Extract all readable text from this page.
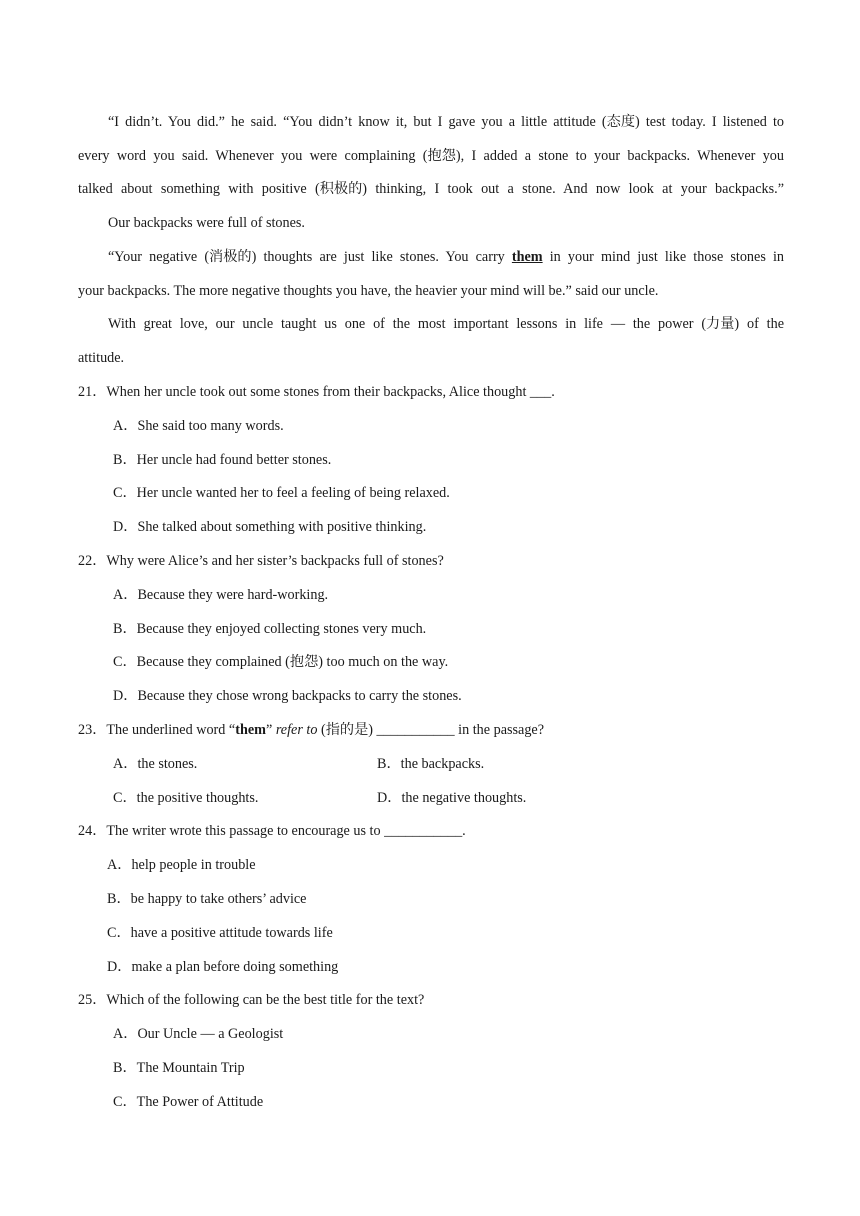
“I didn’t. You did.” he said. “You didn’t know it, but I gave you a little attitude (态度) test today. I listened to
every word you said. Whenever you were complaining (抱怨), I added a stone to your backpacks. Whenever you
talked about something with positive (积极的) thinking, I took out a stone. And now look at your backpacks.”
Our backpacks were full of stones.
“Your negative (消极的) thoughts are just like stones. You carry them in your mind just like those stones in
your backpacks. The more negative thoughts you have, the heavier your mind will be.” said our uncle.
With great love, our uncle taught us one of the most important lessons in life — the power (力量) of the
attitude.
21．When her uncle took out some stones from their backpacks, Alice thought ___.
A．She said too many words.
B．Her uncle had found better stones.
C．Her uncle wanted her to feel a feeling of being relaxed.
D．She talked about something with positive thinking.
22．Why were Alice’s and her sister’s backpacks full of stones?
A．Because they were hard-working.
B．Because they enjoyed collecting stones very much.
C．Because they complained (抱怨) too much on the way.
D．Because they chose wrong backpacks to carry the stones.
23．The underlined word “them” refer to (指的是) ___________ in the passage?
A．the stones.	B．the backpacks.
C．the positive thoughts.	D．the negative thoughts.
24．The writer wrote this passage to encourage us to ___________.
A．help people in trouble
B．be happy to take others’ advice
C．have a positive attitude towards life
D．make a plan before doing something
25．Which of the following can be the best title for the text?
A．Our Uncle — a Geologist
B．The Mountain Trip
C．The Power of Attitude
